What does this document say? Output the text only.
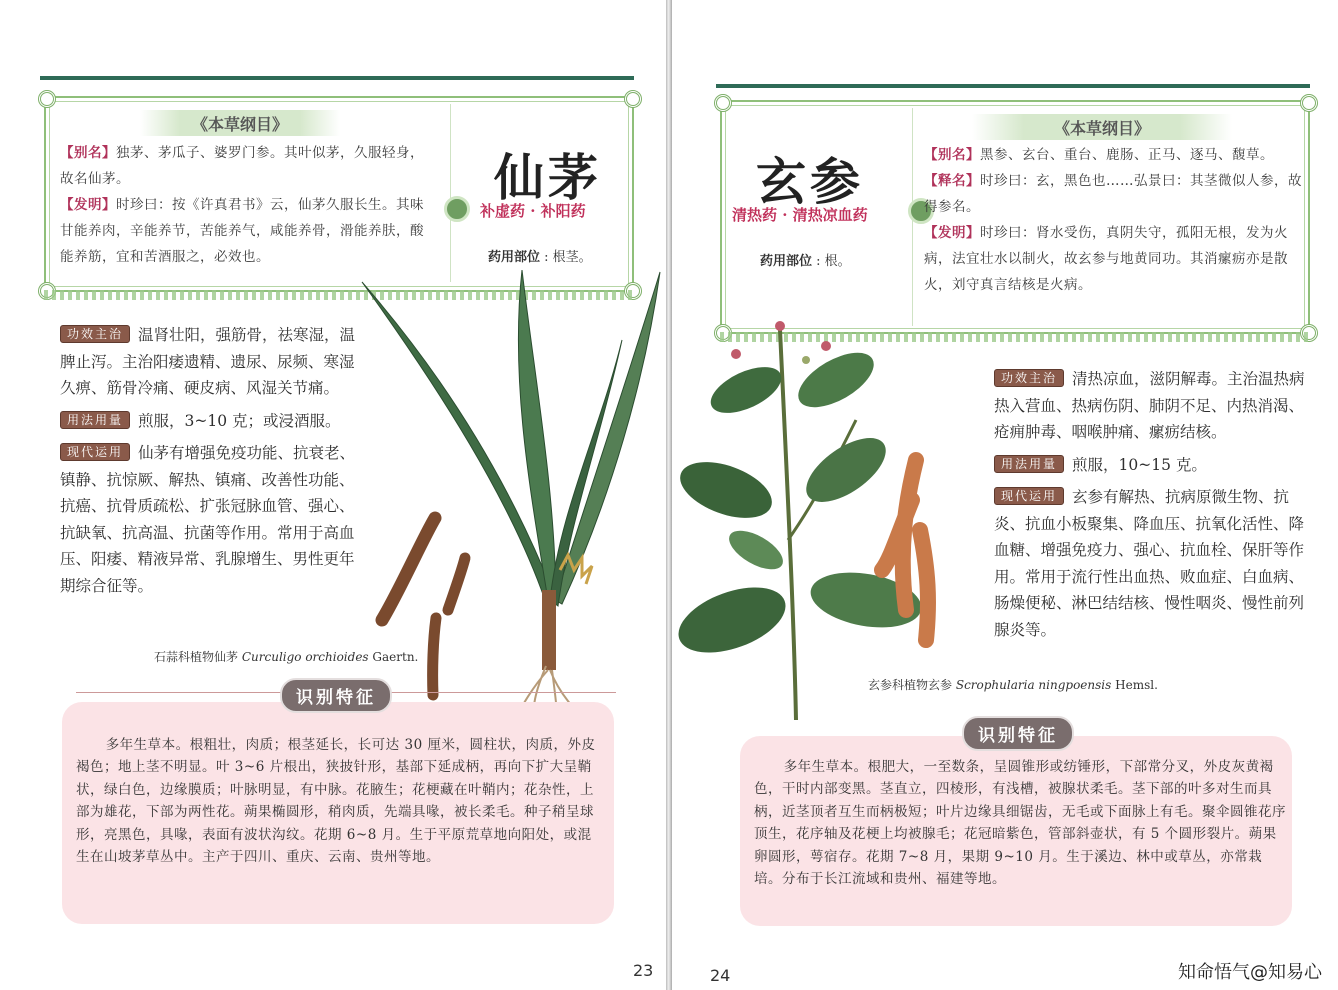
《本草纲目》
【别名】独茅、茅瓜子、婆罗门参。其叶似茅，久服轻身，故名仙茅。
【发明】时珍曰：按《许真君书》云，仙茅久服长生。其味甘能养肉，辛能养节，苦能养气，咸能养骨，滑能养肤，酸能养筋，宜和苦酒服之，必效也。
仙茅
补虚药 · 补阳药
药用部位 : 根茎。
功效主治 温肾壮阳，强筋骨，祛寒湿，温脾止泻。主治阳痿遗精、遗尿、尿频、寒湿久痹、筋骨冷痛、硬皮病、风湿关节痛。
用法用量 煎服，3~10 克；或浸酒服。
现代运用 仙茅有增强免疫功能、抗衰老、镇静、抗惊厥、解热、镇痛、改善性功能、抗癌、抗骨质疏松、扩张冠脉血管、强心、抗缺氧、抗高温、抗菌等作用。常用于高血压、阳痿、精液异常、乳腺增生、男性更年期综合征等。
石蒜科植物仙茅 Curculigo orchioides Gaertn.
识别特征
多年生草本。根粗壮，肉质；根茎延长，长可达 30 厘米，圆柱状，肉质，外皮褐色；地上茎不明显。叶 3~6 片根出，狭披针形，基部下延成柄，再向下扩大呈鞘状，绿白色，边缘膜质；叶脉明显，有中脉。花腋生；花梗藏在叶鞘内；花杂性，上部为雄花，下部为两性花。蒴果椭圆形，稍肉质，先端具喙，被长柔毛。种子稍呈球形，亮黑色，具喙，表面有波状沟纹。花期 6~8 月。生于平原荒草地向阳处，或混生在山坡茅草丛中。主产于四川、重庆、云南、贵州等地。
23
《本草纲目》
玄参
清热药 · 清热凉血药
药用部位 : 根。
【别名】黑参、玄台、重台、鹿肠、正马、逐马、馥草。
【释名】时珍曰：玄，黑色也……弘景曰：其茎微似人参，故得参名。
【发明】时珍曰：肾水受伤，真阴失守，孤阳无根，发为火病，法宜壮水以制火，故玄参与地黄同功。其消瘰疬亦是散火，刘守真言结核是火病。
功效主治 清热凉血，滋阴解毒。主治温热病热入营血、热病伤阴、肺阴不足、内热消渴、疮痈肿毒、咽喉肿痛、瘰疬结核。
用法用量 煎服，10~15 克。
现代运用 玄参有解热、抗病原微生物、抗炎、抗血小板聚集、降血压、抗氧化活性、降血糖、增强免疫力、强心、抗血栓、保肝等作用。常用于流行性出血热、败血症、白血病、肠燥便秘、淋巴结结核、慢性咽炎、慢性前列腺炎等。
玄参科植物玄参 Scrophularia ningpoensis Hemsl.
识别特征
多年生草本。根肥大，一至数条，呈圆锥形或纺锤形，下部常分叉，外皮灰黄褐色，干时内部变黑。茎直立，四棱形，有浅槽，被腺状柔毛。茎下部的叶多对生而具柄，近茎顶者互生而柄极短；叶片边缘具细锯齿，无毛或下面脉上有毛。聚伞圆锥花序顶生，花序轴及花梗上均被腺毛；花冠暗紫色，管部斜壶状，有 5 个圆形裂片。蒴果卵圆形，萼宿存。花期 7~8 月，果期 9~10 月。生于溪边、林中或草丛，亦常栽培。分布于长江流域和贵州、福建等地。
24	知命悟气@知易心
